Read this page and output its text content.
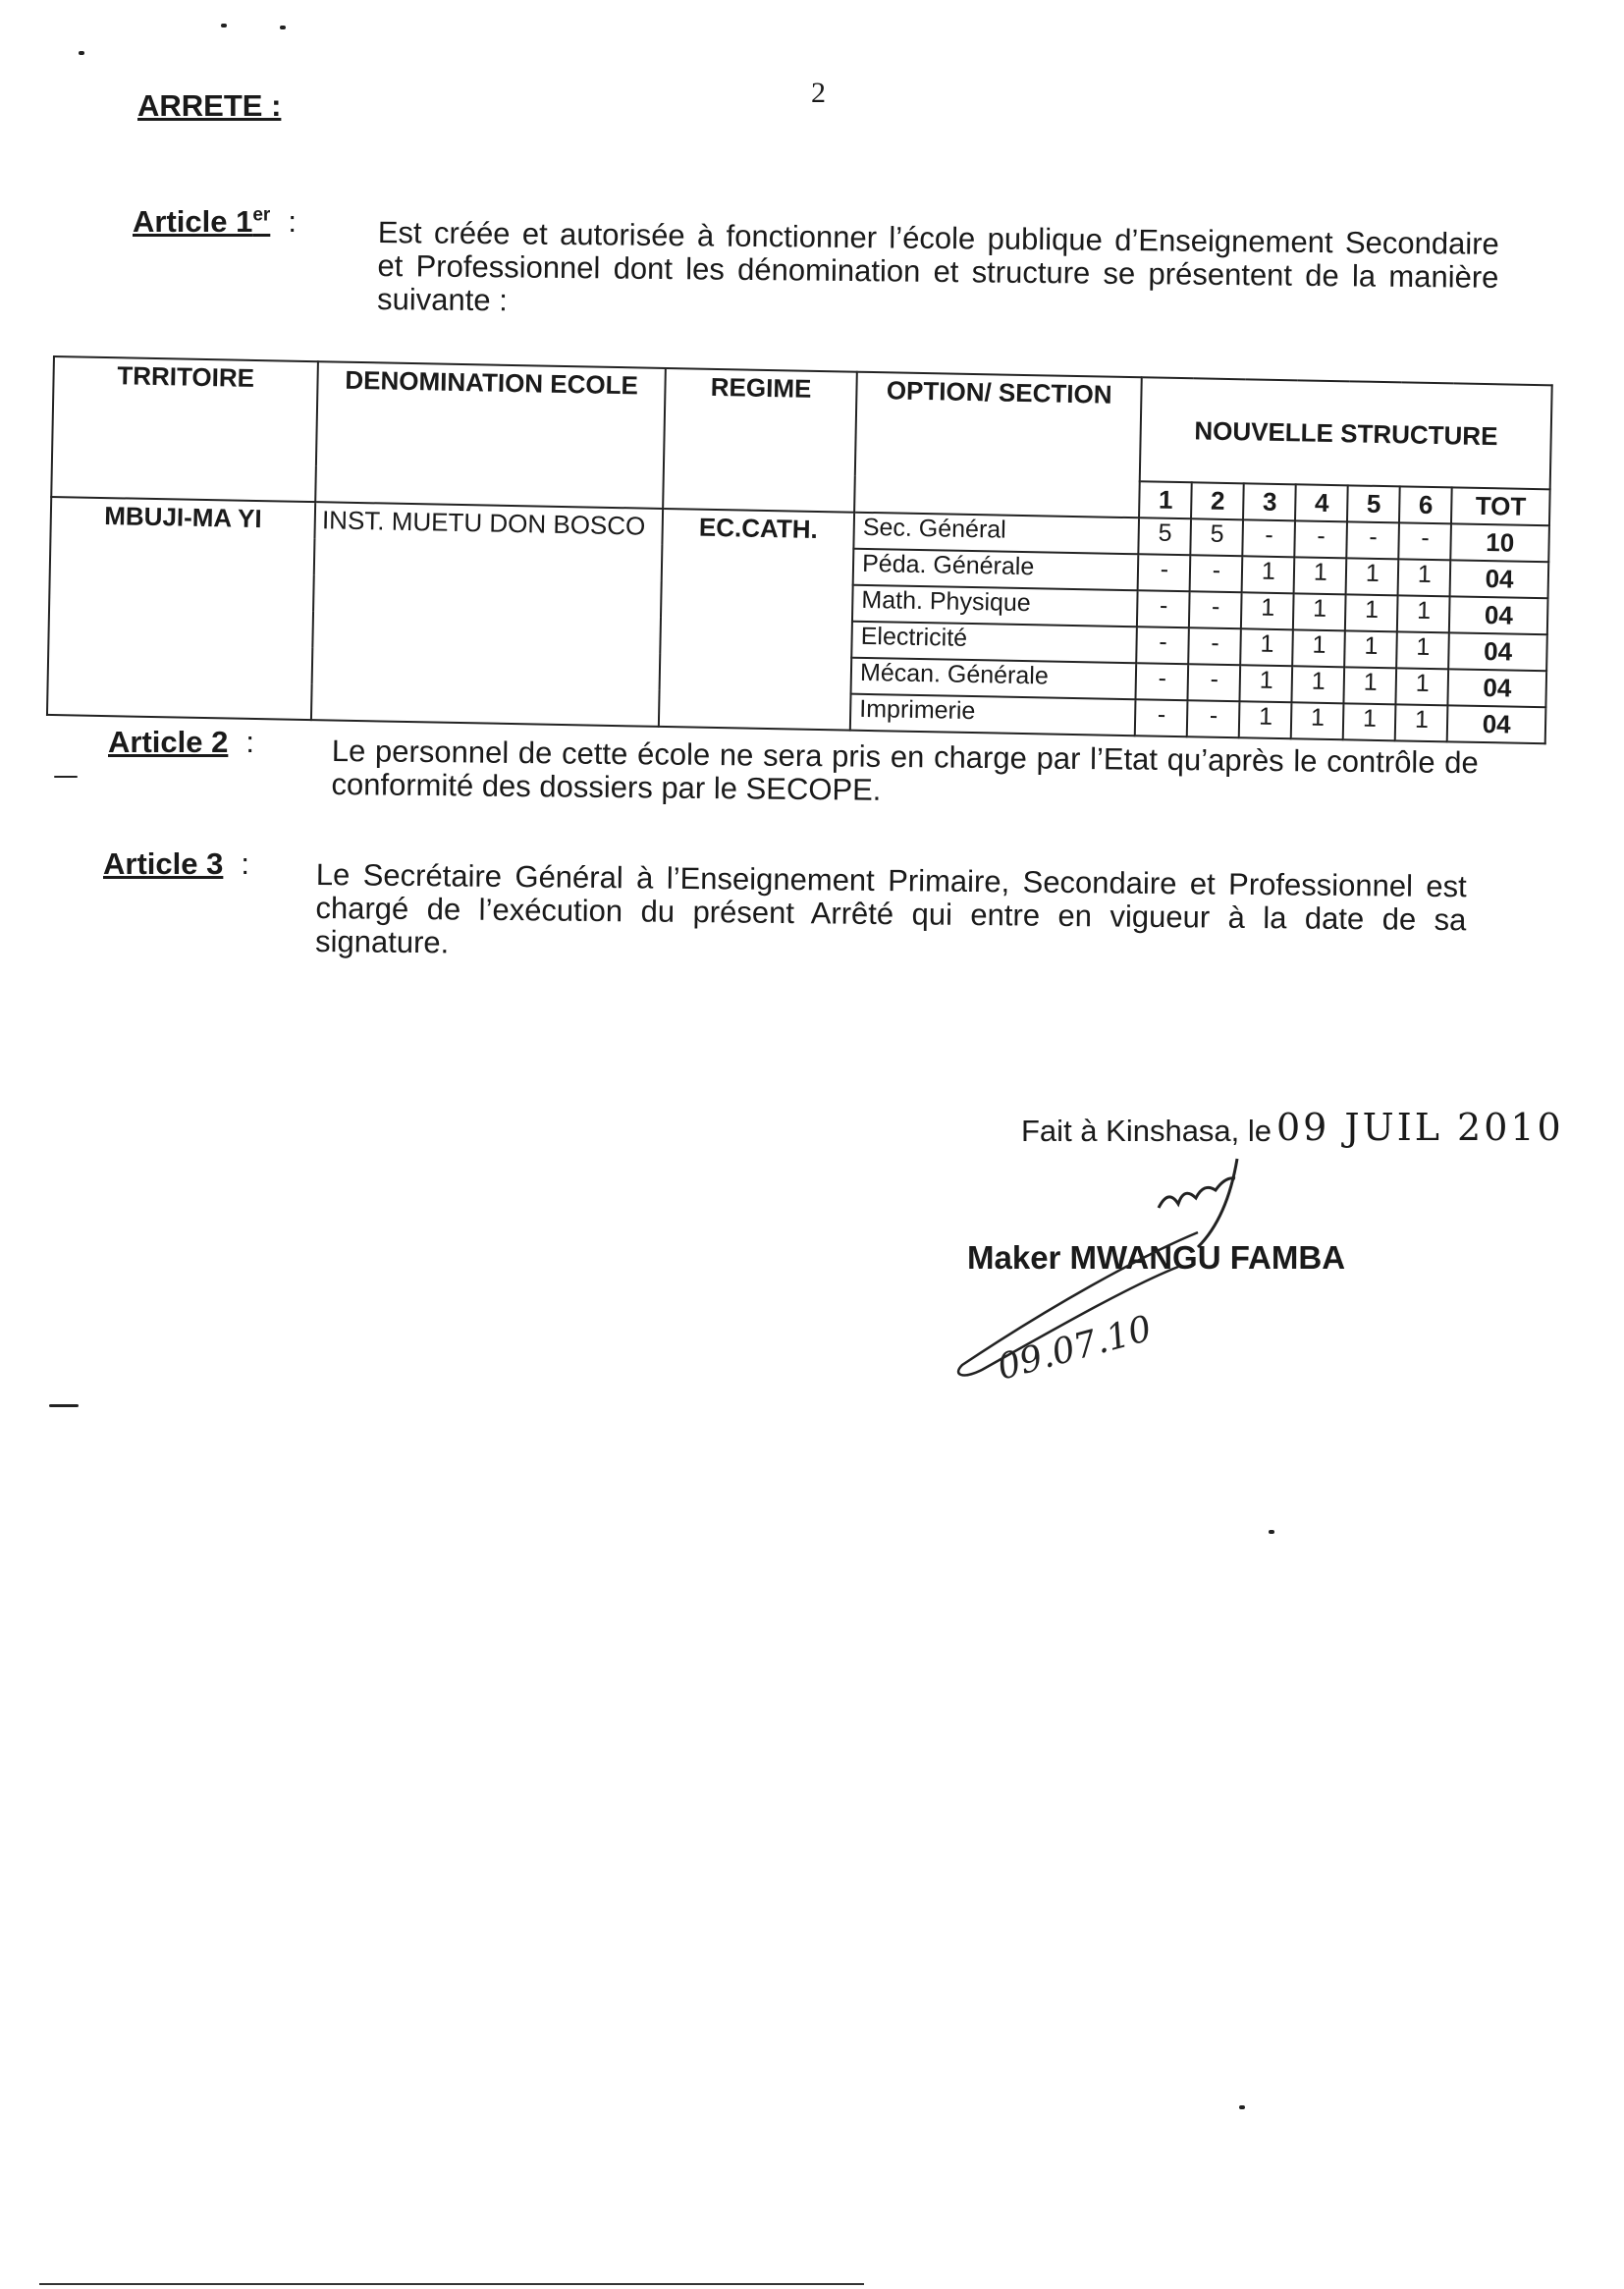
2
ARRETE :
Article 1er :	Est créée et autorisée à fonctionner l’école publique d’Enseignement Secondaire et Professionnel dont les dénomination et structure se présentent de la manière suivante :
TRRITOIRE	DENOMINATION ECOLE	REGIME	OPTION/ SECTION	NOUVELLE STRUCTURE						
				1	2	3	4	5	6	TOT
MBUJI-MA YI	INST. MUETU DON BOSCO	EC.CATH.	Sec. Général	5	5	-	-	-	-	10
			Péda. Générale	-	-	1	1	1	1	04
			Math. Physique	-	-	1	1	1	1	04
			Electricité	-	-	1	1	1	1	04
			Mécan. Générale	-	-	1	1	1	1	04
			Imprimerie	-	-	1	1	1	1	04
Article 2 :	Le personnel de cette école ne sera pris en charge par l’Etat qu’après le contrôle de conformité des dossiers par le SECOPE.
Article 3 : Le Secrétaire Général à l’Enseignement Primaire, Secondaire et Professionnel est chargé de l’exécution du présent Arrêté qui entre en vigueur à la date de sa signature.
Fait à Kinshasa, le 09 JUIL 2010
Maker MWANGU FAMBA
09.07.10
